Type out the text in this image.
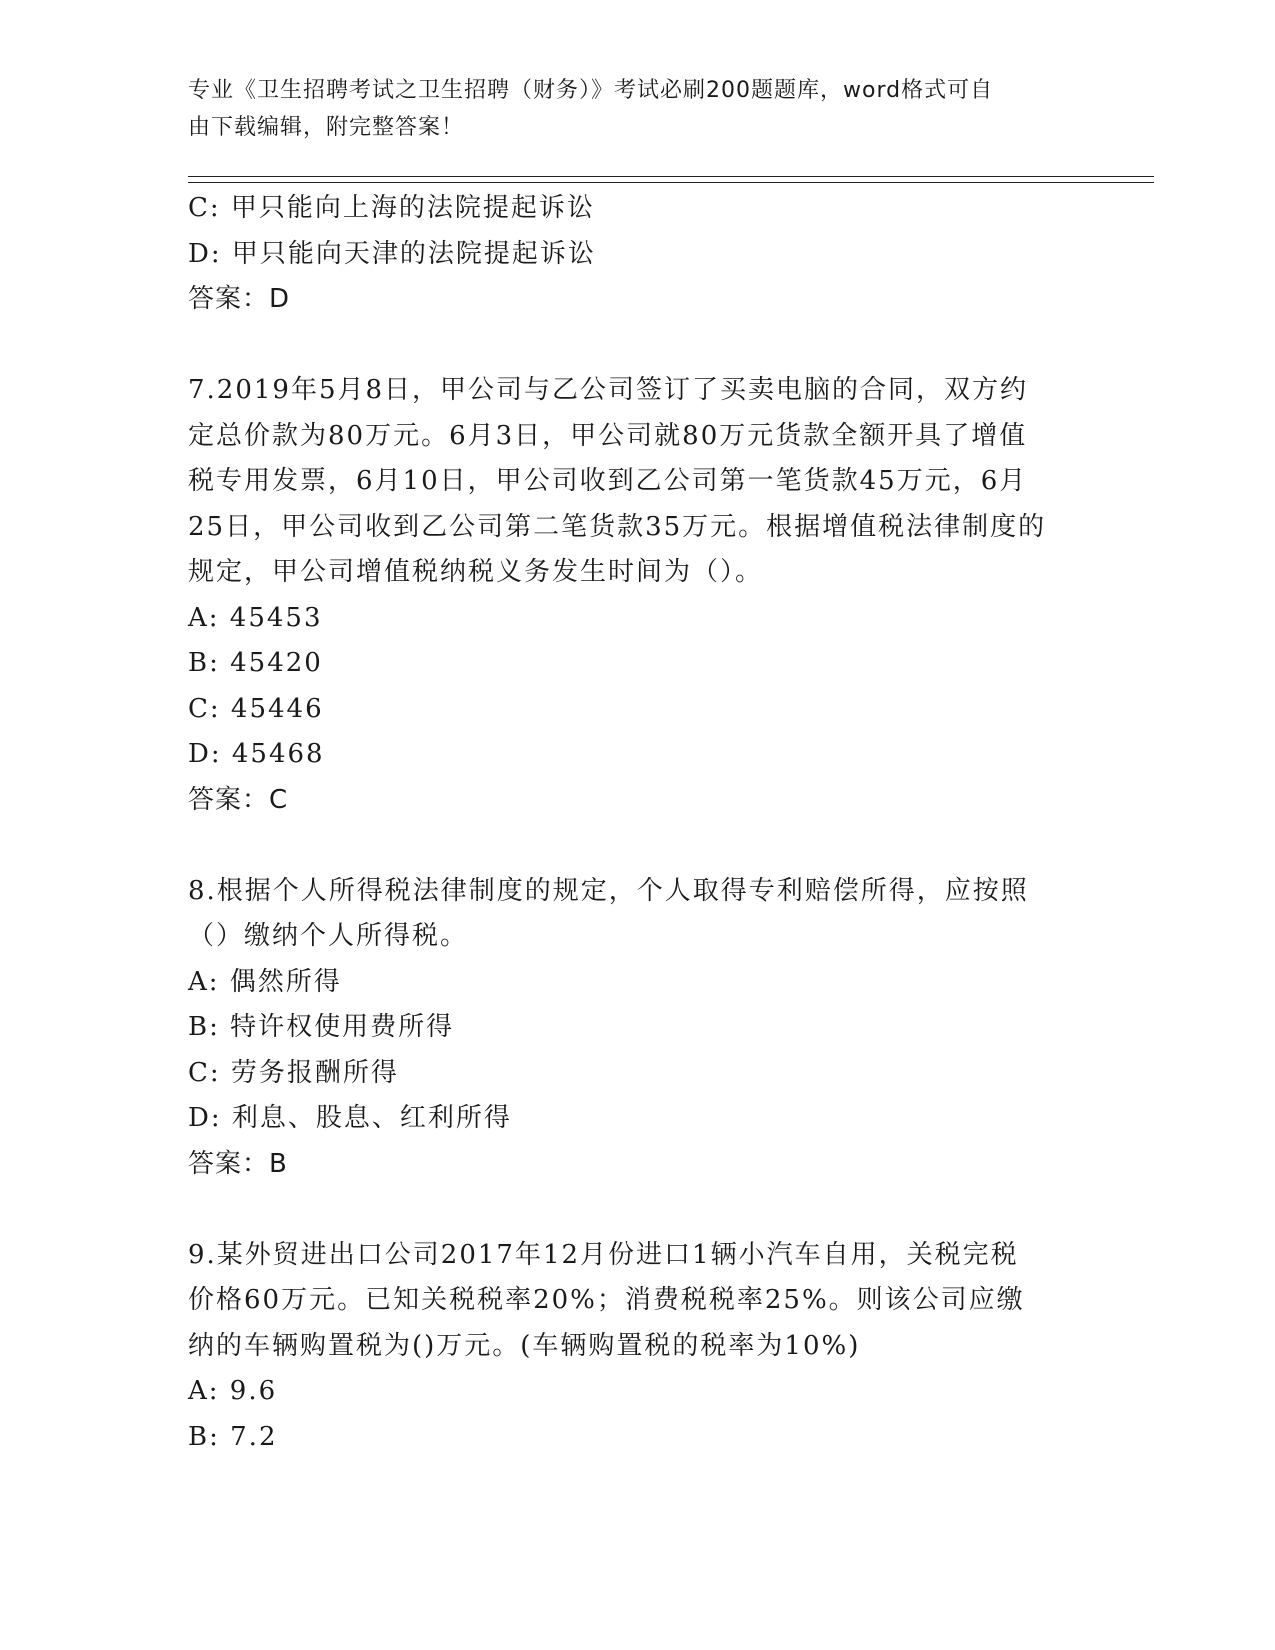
专业《卫生招聘考试之卫生招聘（财务）》考试必刷200题题库，word格式可自
由下载编辑，附完整答案！
C: 甲只能向上海的法院提起诉讼
D: 甲只能向天津的法院提起诉讼
答案：D
7.2019年5月8日，甲公司与乙公司签订了买卖电脑的合同，双方约
定总价款为80万元。6月3日，甲公司就80万元货款全额开具了增值
税专用发票，6月10日，甲公司收到乙公司第一笔货款45万元，6月
25日，甲公司收到乙公司第二笔货款35万元。根据增值税法律制度的
规定，甲公司增值税纳税义务发生时间为（）。
A: 45453
B: 45420
C: 45446
D: 45468
答案：C
8.根据个人所得税法律制度的规定，个人取得专利赔偿所得，应按照
（）缴纳个人所得税。
A: 偶然所得
B: 特许权使用费所得
C: 劳务报酬所得
D: 利息、股息、红利所得
答案：B
9.某外贸进出口公司2017年12月份进口1辆小汽车自用，关税完税
价格60万元。已知关税税率20%；消费税税率25%。则该公司应缴
纳的车辆购置税为()万元。(车辆购置税的税率为10%)
A: 9.6
B: 7.2
